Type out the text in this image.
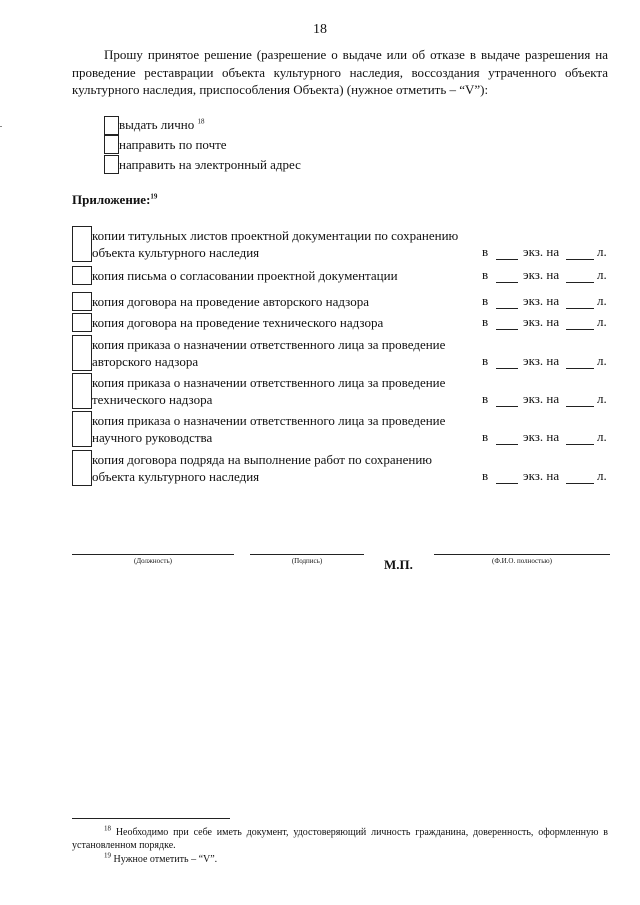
18
Прошу принятое решение (разрешение о выдаче или об отказе в выдаче разрешения на проведение реставрации объекта культурного наследия, воссоздания утраченного объекта культурного наследия, приспособления Объекта) (нужное отметить – “V”):
выдать лично $^{18}$
направить по почте
направить на электронный адрес
Приложение:$^{19}$
копии титульных листов проектной документации по сохранению
объекта культурного наследия	в	экз. на	л.
копия письма о согласовании проектной документации	в	экз. на	л.
копия договора на проведение авторского надзора	в	экз. на	л.
копия договора на проведение технического надзора	в	экз. на	л.
копия приказа о назначении ответственного лица за проведение
авторского надзора	в	экз. на	л.
копия приказа о назначении ответственного лица за проведение
технического надзора	в	экз. на	л.
копия приказа о назначении ответственного лица за проведение
научного руководства	в	экз. на	л.
копия договора подряда на выполнение работ по сохранению
объекта культурного наследия	в	экз. на	л.
(Должность)	(Подпись)	М.П.	(Ф.И.О. полностью)
$^{18}$ Необходимо при себе иметь документ, удостоверяющий личность гражданина, доверенность, оформленную в установленном порядке.
$^{19}$ Нужное отметить – “V”.
